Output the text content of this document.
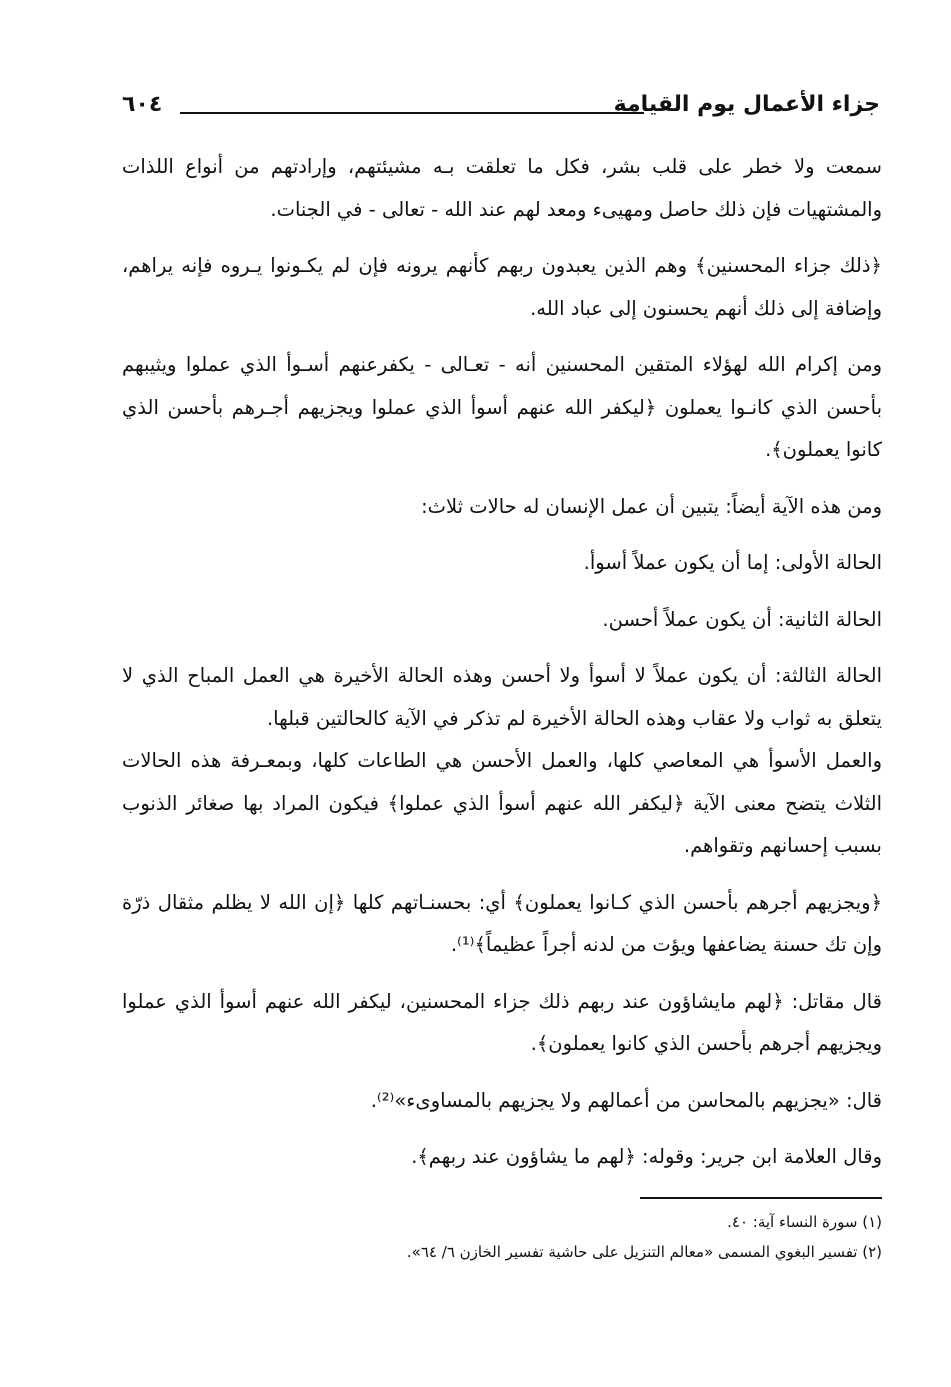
جزاء الأعمال يوم القيامة
٦٠٤

سمعت ولا خطر على قلب بشر، فكل ما تعلقت بـه مشيئتهم، وإرادتهم من أنواع اللذات والمشتهيات فإن ذلك حاصل ومهيىء ومعد لهم عند الله - تعالى - في الجنات.

﴿ذلك جزاء المحسنين﴾ وهم الذين يعبدون ربهم كأنهم يرونه فإن لم يكـونوا يـروه فإنه يراهم، وإضافة إلى ذلك أنهم يحسنون إلى عباد الله.

ومن إكرام الله لهؤلاء المتقين المحسنين أنه - تعـالى - يكفرعنهم أسـوأ الذي عملوا ويثيبهم بأحسن الذي كانـوا يعملون ﴿ليكفر الله عنهم أسوأ الذي عملوا ويجزيهم أجـرهم بأحسن الذي كانوا يعملون﴾.

ومن هذه الآية أيضاً: يتبين أن عمل الإنسان له حالات ثلاث:

الحالة الأولى: إما أن يكون عملاً أسوأ.

الحالة الثانية: أن يكون عملاً أحسن.

الحالة الثالثة: أن يكون عملاً لا أسوأ ولا أحسن وهذه الحالة الأخيرة هي العمل المباح الذي لا يتعلق به ثواب ولا عقاب وهذه الحالة الأخيرة لم تذكر في الآية كالحالتين قبلها.

والعمل الأسوأ هي المعاصي كلها، والعمل الأحسن هي الطاعات كلها، وبمعـرفة هذه الحالات الثلاث يتضح معنى الآية ﴿ليكفر الله عنهم أسوأ الذي عملوا﴾ فيكون المراد بها صغائر الذنوب بسبب إحسانهم وتقواهم.

﴿ويجزيهم أجرهم بأحسن الذي كـانوا يعملون﴾ أي: بحسنـاتهم كلها ﴿إن الله لا يظلم مثقال ذرّة وإن تك حسنة يضاعفها ويؤت من لدنه أجراً عظيماً﴾⁽¹⁾.

قال مقاتل: ﴿لهم مايشاؤون عند ربهم ذلك جزاء المحسنين، ليكفر الله عنهم أسوأ الذي عملوا ويجزيهم أجرهم بأحسن الذي كانوا يعملون﴾.

قال: «يجزيهم بالمحاسن من أعمالهم ولا يجزيهم بالمساوىء»⁽²⁾.

وقال العلامة ابن جرير: وقوله: ﴿لهم ما يشاؤون عند ربهم﴾.

(١) سورة النساء آية: ٤٠.

(٢) تفسير البغوي المسمى «معالم التنزيل على حاشية تفسير الخازن ٦/ ٦٤».
